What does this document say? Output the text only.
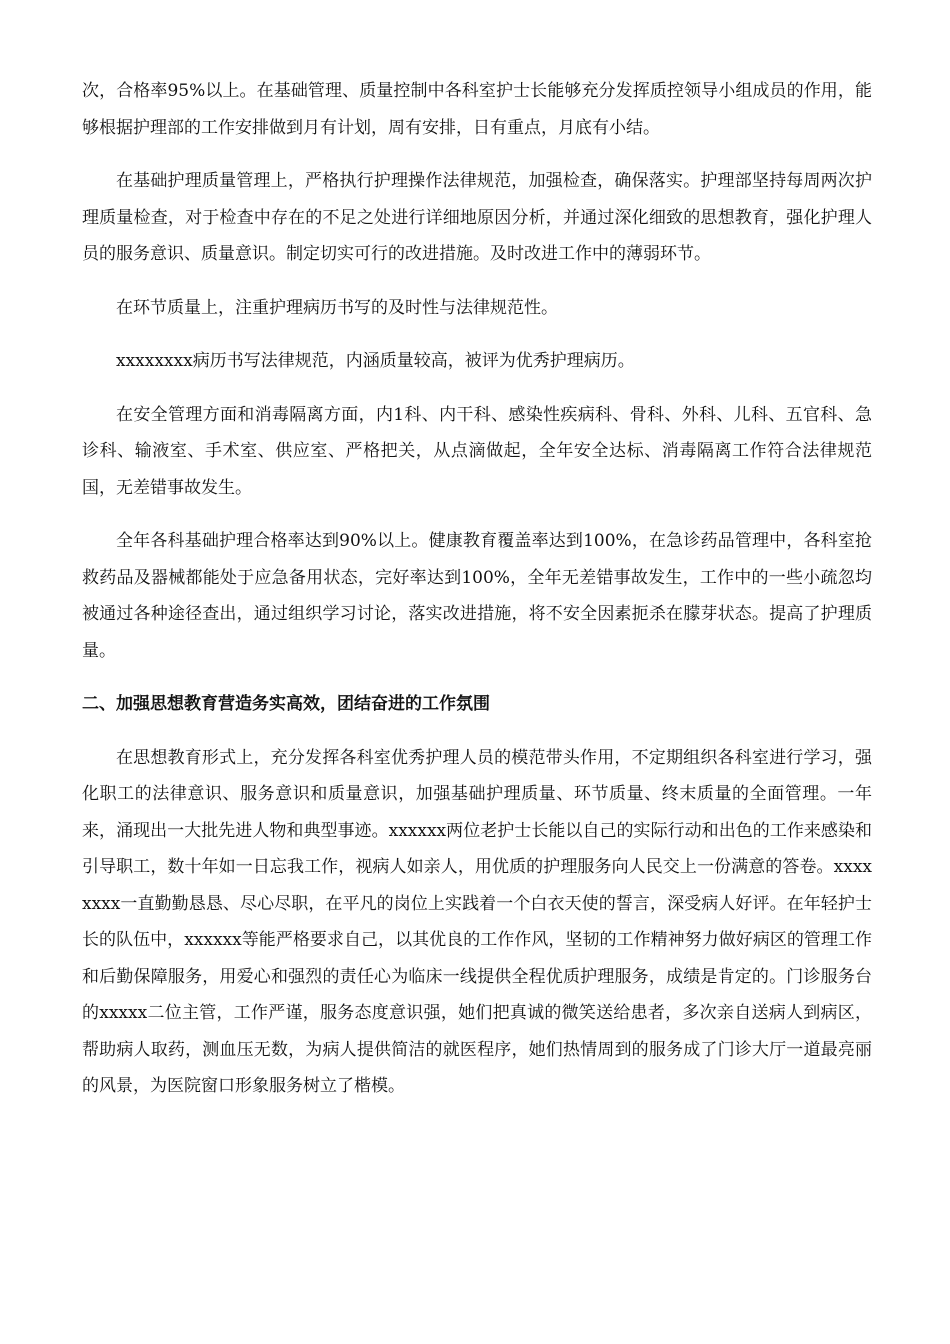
次，合格率95%以上。在基础管理、质量控制中各科室护士长能够充分发挥质控领导小组成员的作用，能够根据护理部的工作安排做到月有计划，周有安排，日有重点，月底有小结。

在基础护理质量管理上，严格执行护理操作法律规范，加强检查，确保落实。护理部坚持每周两次护理质量检查，对于检查中存在的不足之处进行详细地原因分析，并通过深化细致的思想教育，强化护理人员的服务意识、质量意识。制定切实可行的改进措施。及时改进工作中的薄弱环节。

在环节质量上，注重护理病历书写的及时性与法律规范性。

xxxxxxxx病历书写法律规范，内涵质量较高，被评为优秀护理病历。

在安全管理方面和消毒隔离方面，内1科、内干科、感染性疾病科、骨科、外科、儿科、五官科、急诊科、输液室、手术室、供应室、严格把关，从点滴做起，全年安全达标、消毒隔离工作符合法律规范国，无差错事故发生。

全年各科基础护理合格率达到90%以上。健康教育覆盖率达到100%，在急诊药品管理中，各科室抢救药品及器械都能处于应急备用状态，完好率达到100%，全年无差错事故发生，工作中的一些小疏忽均被通过各种途径查出，通过组织学习讨论，落实改进措施，将不安全因素扼杀在朦芽状态。提高了护理质量。

二、加强思想教育营造务实高效，团结奋进的工作氛围

在思想教育形式上，充分发挥各科室优秀护理人员的模范带头作用，不定期组织各科室进行学习，强化职工的法律意识、服务意识和质量意识，加强基础护理质量、环节质量、终末质量的全面管理。一年来，涌现出一大批先进人物和典型事迹。xxxxxx两位老护士长能以自己的实际行动和出色的工作来感染和引导职工，数十年如一日忘我工作，视病人如亲人，用优质的护理服务向人民交上一份满意的答卷。xxxxxxxx一直勤勤恳恳、尽心尽职，在平凡的岗位上实践着一个白衣天使的誓言，深受病人好评。在年轻护士长的队伍中，xxxxxx等能严格要求自己，以其优良的工作作风，坚韧的工作精神努力做好病区的管理工作和后勤保障服务，用爱心和强烈的责任心为临床一线提供全程优质护理服务，成绩是肯定的。门诊服务台的xxxxx二位主管，工作严谨，服务态度意识强，她们把真诚的微笑送给患者，多次亲自送病人到病区，帮助病人取药，测血压无数，为病人提供简洁的就医程序，她们热情周到的服务成了门诊大厅一道最亮丽的风景，为医院窗口形象服务树立了楷模。
